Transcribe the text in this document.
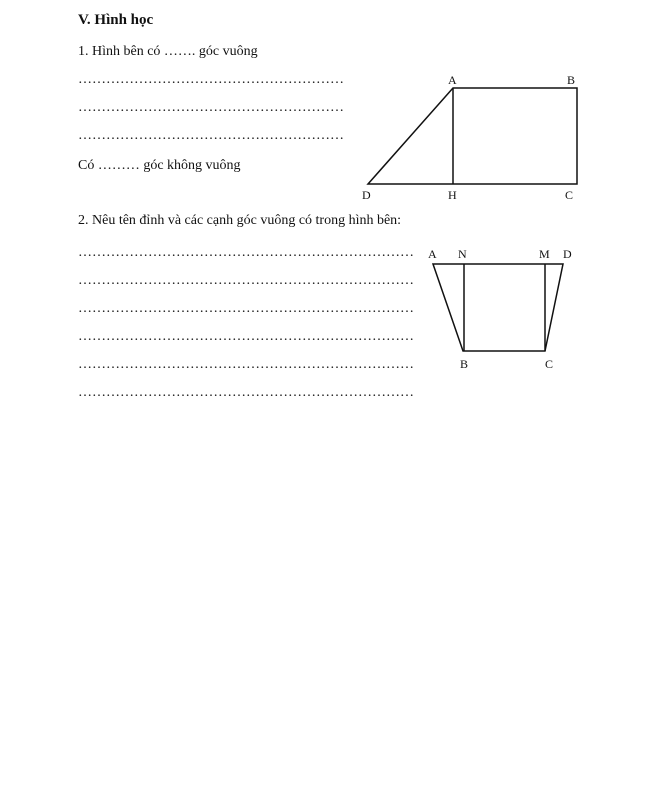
V. Hình học
1. Hình bên có ……. góc vuông
…………………………………………………
…………………………………………………
…………………………………………………
Có ……… góc không vuông
2. Nêu tên đỉnh và các cạnh góc vuông có trong hình bên:
………………………………………………………………
………………………………………………………………
………………………………………………………………
………………………………………………………………
………………………………………………………………
………………………………………………………………
A	B
C
D	H
A N	M D
B	C
